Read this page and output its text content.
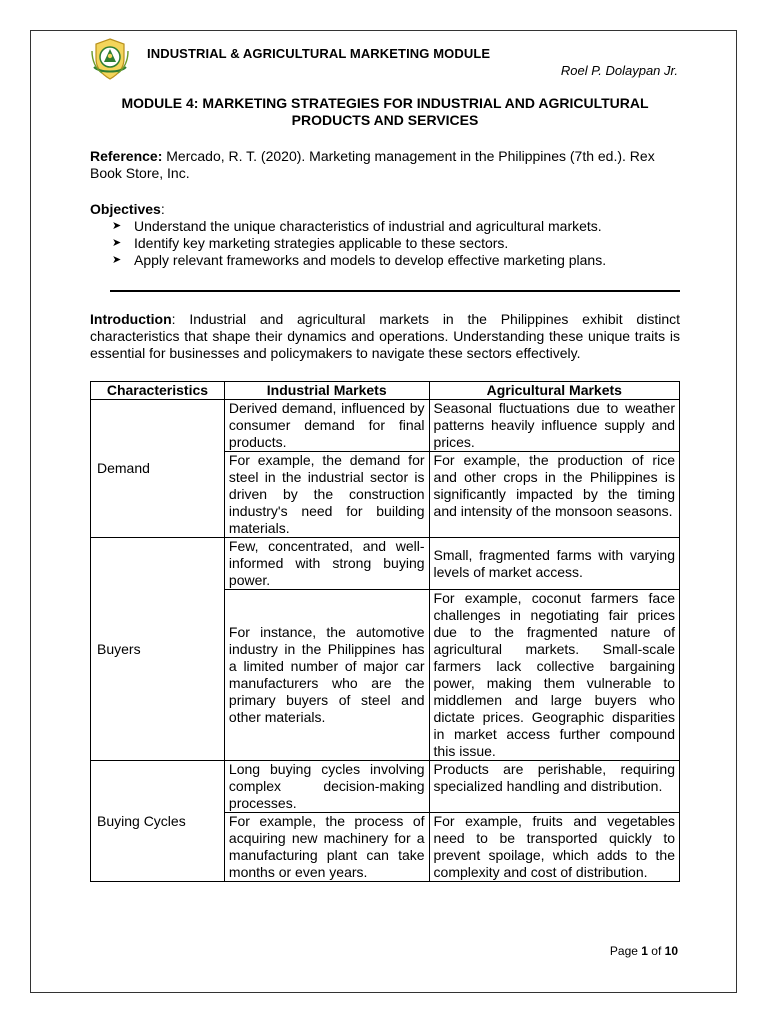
INDUSTRIAL & AGRICULTURAL MARKETING MODULE
Roel P. Dolaypan Jr.
MODULE 4: MARKETING STRATEGIES FOR INDUSTRIAL AND AGRICULTURAL
PRODUCTS AND SERVICES
Reference: Mercado, R. T. (2020). Marketing management in the Philippines (7th ed.). Rex Book Store, Inc.
Objectives:
➤ Understand the unique characteristics of industrial and agricultural markets.
➤ Identify key marketing strategies applicable to these sectors.
➤ Apply relevant frameworks and models to develop effective marketing plans.
Introduction: Industrial and agricultural markets in the Philippines exhibit distinct characteristics that shape their dynamics and operations. Understanding these unique traits is essential for businesses and policymakers to navigate these sectors effectively.
Characteristics	Industrial Markets	Agricultural Markets
Demand	Derived demand, influenced by consumer demand for final products.	Seasonal fluctuations due to weather patterns heavily influence supply and prices.
	For example, the demand for steel in the industrial sector is driven by the construction industry's need for building materials.	For example, the production of rice and other crops in the Philippines is significantly impacted by the timing and intensity of the monsoon seasons.
Buyers	Few, concentrated, and well-informed with strong buying power.	Small, fragmented farms with varying levels of market access.
	For instance, the automotive industry in the Philippines has a limited number of major car manufacturers who are the primary buyers of steel and other materials.	For example, coconut farmers face challenges in negotiating fair prices due to the fragmented nature of agricultural markets. Small-scale farmers lack collective bargaining power, making them vulnerable to middlemen and large buyers who dictate prices. Geographic disparities in market access further compound this issue.
Buying Cycles	Long buying cycles involving complex decision-making processes.	Products are perishable, requiring specialized handling and distribution.
	For example, the process of acquiring new machinery for a manufacturing plant can take months or even years.	For example, fruits and vegetables need to be transported quickly to prevent spoilage, which adds to the complexity and cost of distribution.
Page 1 of 10
